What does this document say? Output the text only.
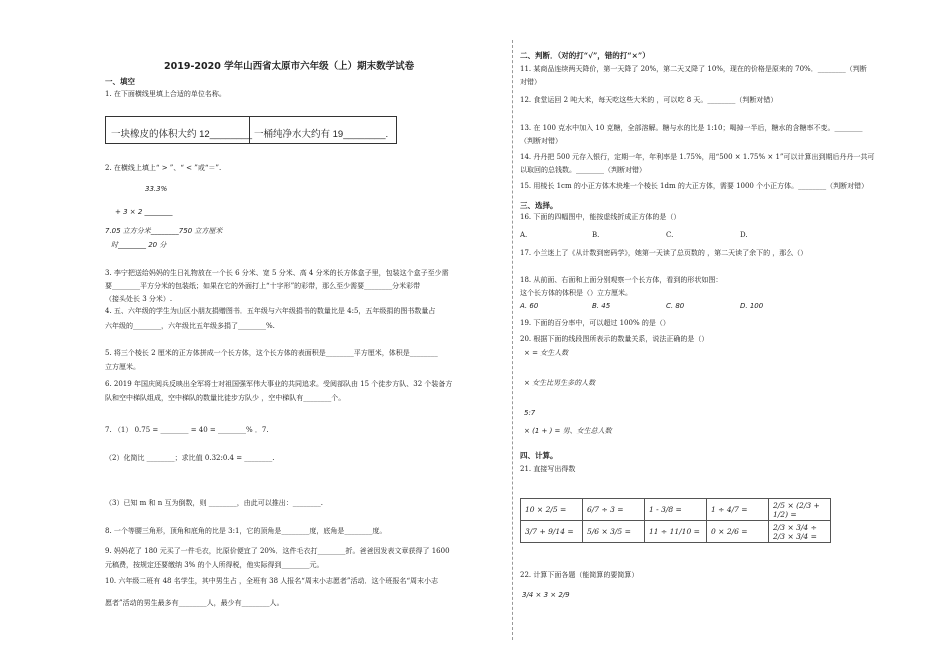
2019-2020 学年山西省太原市六年级（上）期末数学试卷
一、填空
1. 在下面横线里填上合适的单位名称。
一块橡皮的体积大约 12________ 一桶纯净水大约有 19________.
2. 在横线上填上“ > ”、“ < ”或“＝”.
33.3%
+ 3 × 2 ________
7.05 立方分米________750 立方厘米
时________ 20 分
3. 李宁把送给妈妈的生日礼物放在一个长 6 分米、宽 5 分米、高 4 分米的长方体盒子里，包装这个盒子至少需
要________平方分米的包装纸；如果在它的外面打上“十字形”的彩带，那么至少需要________分米彩带
（接头处长 3 分米）.
4. 五、六年级的学生为山区小朋友捐赠图书．五年级与六年级捐书的数量比是 4:5，五年级捐的图书数量占
六年级的________，六年级比五年级多捐了________%.
5. 将三个棱长 2 厘米的正方体拼成一个长方体，这个长方体的表面积是________平方厘米，体积是________
立方厘米。
6. 2019 年国庆阅兵反映出全军将士对祖国强军伟大事业的共同追求。受阅部队由 15 个徒步方队、32 个装备方
队和空中梯队组成，空中梯队的数量比徒步方队少 ，空中梯队有________个。
7. （1） 0.75 = ________ = 40 = ________% ．7.
（2）化简比 ________；求比值 0.32:0.4 = ________.
（3）已知 m 和 n 互为倒数，则 ________，由此可以推出：________.
8. 一个等腰三角形，顶角和底角的比是 3:1，它的顶角是________度，底角是________度。
9. 妈妈花了 180 元买了一件毛衣，比原价便宜了 20%．这件毛衣打________折。爸爸因发表文章获得了 1600
元稿费，按规定还要缴纳 3% 的个人所得税，他实际得到________元。
10. 六年级二班有 48 名学生，其中男生占 ，全班有 38 人报名“周末小志愿者”活动．这个班报名“周末小志
愿者”活动的男生最多有________人，最少有________人。
二、判断．（对的打“√”，错的打“×”）
11. 某商品连续两天降价，第一天降了 20%，第二天又降了 10%，现在的价格是原来的 70%．________（判断
对错）
12. 食堂运回 2 吨大米，每天吃这些大米的 ，可以吃 8 天。________（判断对错）
13. 在 100 克水中加入 10 克糖，全部溶解。糖与水的比是 1:10；喝掉一半后，糖水的含糖率不变。________
（判断对错）
14. 丹丹把 500 元存入银行，定期一年，年利率是 1.75%，用“500 × 1.75% × 1”可以计算出到期后丹丹一共可
以取回的总钱数。________（判断对错）
15. 用棱长 1cm 的小正方体木块堆一个棱长 1dm 的大正方体，需要 1000 个小正方体。________（判断对错）
三、选择。
16. 下面的四幅图中，能按虚线折成正方体的是（）
A.	B.	C.	D.
17. 小兰迷上了《从计数到密码学》，她第一天读了总页数的 ，第二天读了余下的 ，那么（）
18. 从前面、右面和上面分别观察一个长方体，看到的形状如图：
这个长方体的体积是（）立方厘米。
A. 60	B. 45	C. 80	D. 100
19. 下面的百分率中，可以超过 100% 的是（）
20. 根据下面的线段图所表示的数量关系，说法正确的是（）
× = 女生人数
× 女生比男生多的人数
5:7
× (1 + ) = 男、女生总人数
四、计算。
21. 直接写出得数
10 × 2/5 =	6/7 ÷ 3 =	1 - 3/8 =	1 ÷ 4/7 =	2/5 × (2/3 + 1/2) =
3/7 + 9/14 =	5/6 × 3/5 =	11 ÷ 11/10 =	0 × 2/6 =	2/3 × 3/4 ÷ 2/3 × 3/4 =
22. 计算下面各题（能简算的要简算）
3/4 × 3 × 2/9
